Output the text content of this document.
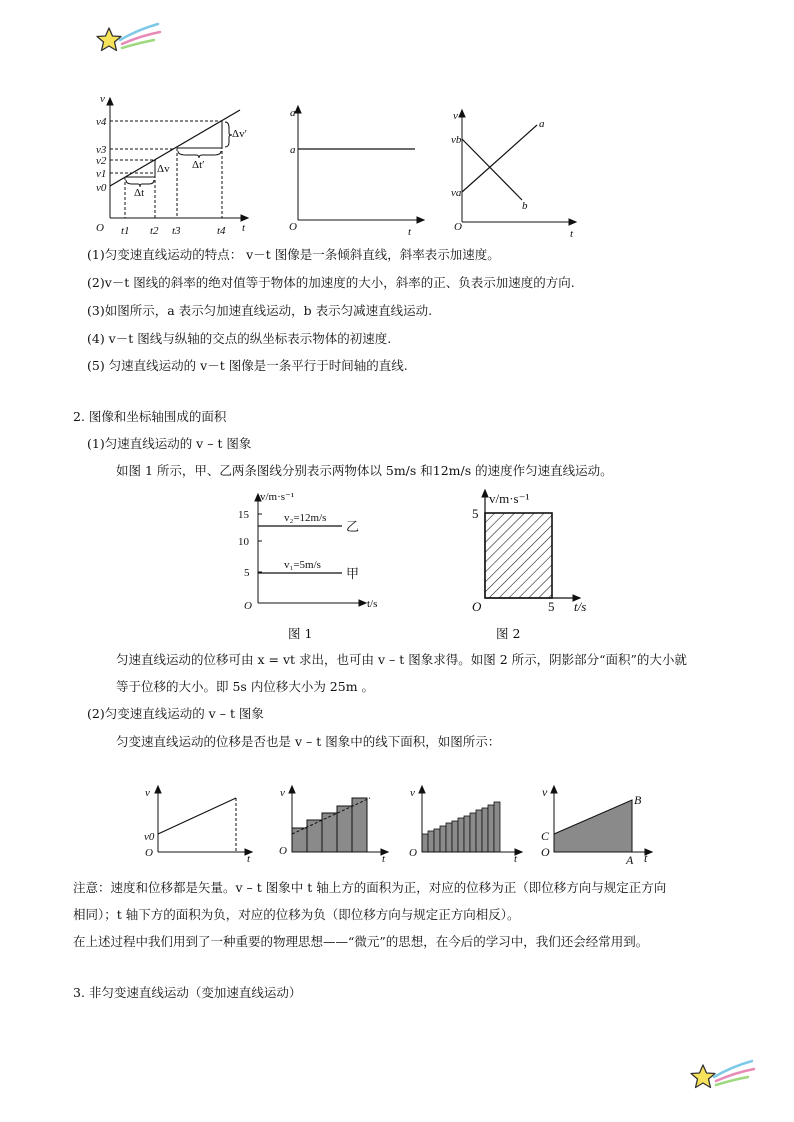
v
v4
v3
v2
v1
v0
O t1 t2 t3	t4 t
Δt
Δv Δt′
Δv′
a
a
O	t
v
vb
va
a
b
O
t
(1)匀变速直线运动的特点： v－t 图像是一条倾斜直线，斜率表示加速度。
(2)v－t 图线的斜率的绝对值等于物体的加速度的大小，斜率的正、负表示加速度的方向.
(3)如图所示，a 表示匀加速直线运动，b 表示匀减速直线运动.
(4) v－t 图线与纵轴的交点的纵坐标表示物体的初速度.
(5) 匀速直线运动的 v－t 图像是一条平行于时间轴的直线.
2. 图像和坐标轴围成的面积
(1)匀速直线运动的 v – t 图象
如图 1 所示，甲、乙两条图线分别表示两物体以 5m/s 和12m/s 的速度作匀速直线运动。
v/m·s⁻¹
15
10
5
O	t/s
v₂=12m/s
乙
v₁=5m/s
甲
图 1
v/m·s⁻¹
5
O	5 t/s
图 2
匀速直线运动的位移可由 x = vt 求出，也可由 v – t 图象求得。如图 2 所示，阴影部分“面积”的大小就
等于位移的大小。即 5s 内位移大小为 25m 。
(2)匀变速直线运动的 v – t 图象
匀变速直线运动的位移是否也是 v – t 图象中的线下面积，如图所示：
v
v0
O	t
v
O
t
v
O	t
v
B
C
O
A t
注意：速度和位移都是矢量。v – t 图象中 t 轴上方的面积为正，对应的位移为正（即位移方向与规定正方向
相同）；t 轴下方的面积为负，对应的位移为负（即位移方向与规定正方向相反）。
在上述过程中我们用到了一种重要的物理思想——“微元”的思想，在今后的学习中，我们还会经常用到。
3. 非匀变速直线运动（变加速直线运动）
